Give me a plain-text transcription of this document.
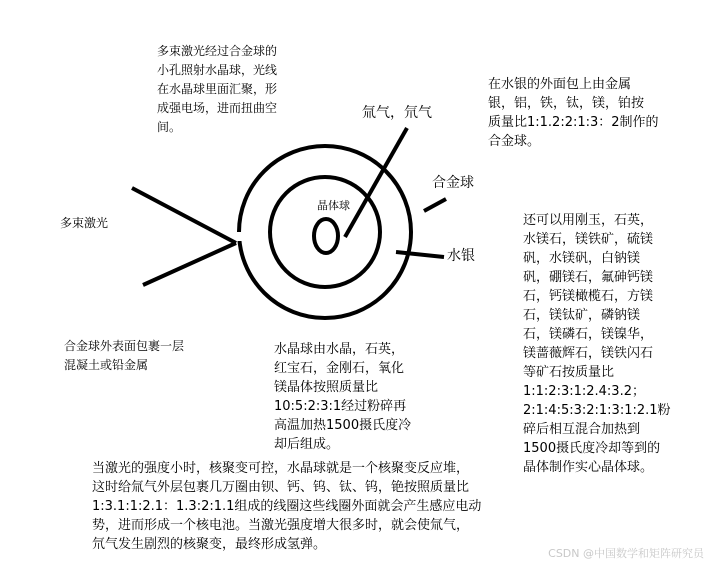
多束激光经过合金球的
小孔照射水晶球，光线
在水晶球里面汇聚，形
成强电场，进而扭曲空
间。
多束激光
合金球外表面包裹一层
混凝土或铅金属
晶体球
氚气，氘气
合金球
水银
在水银的外面包上由金属
银，铝，铁，钛，镁，铂按
质量比1:1.2:2:1:3：2制作的
合金球。
水晶球由水晶，石英，
红宝石，金刚石，氧化
镁晶体按照质量比
10:5:2:3:1经过粉碎再
高温加热1500摄氏度冷
却后组成。
还可以用刚玉，石英，
水镁石，镁铁矿，硫镁
矾，水镁矾，白钠镁
矾，硼镁石，氟砷钙镁
石，钙镁橄榄石，方镁
石，镁钛矿，磷钠镁
石，镁磷石，镁镍华，
镁蔷薇辉石，镁铁闪石
等矿石按质量比
1:1:2:3:1:2.4:3.2；
2:1:4:5:3:2:1:3:1:2.1粉
碎后相互混合加热到
1500摄氏度冷却等到的
晶体制作实心晶体球。
当激光的强度小时，核聚变可控，水晶球就是一个核聚变反应堆，
这时给氚气外层包裹几万圈由钡、钙、钨、钛、钨，铯按照质量比
1:3.1:1:2.1：1.3:2:1.1组成的线圈这些线圈外面就会产生感应电动
势，进而形成一个核电池。当激光强度增大很多时，就会使氚气，
氘气发生剧烈的核聚变，最终形成氢弹。
CSDN @中国数学和矩阵研究员
